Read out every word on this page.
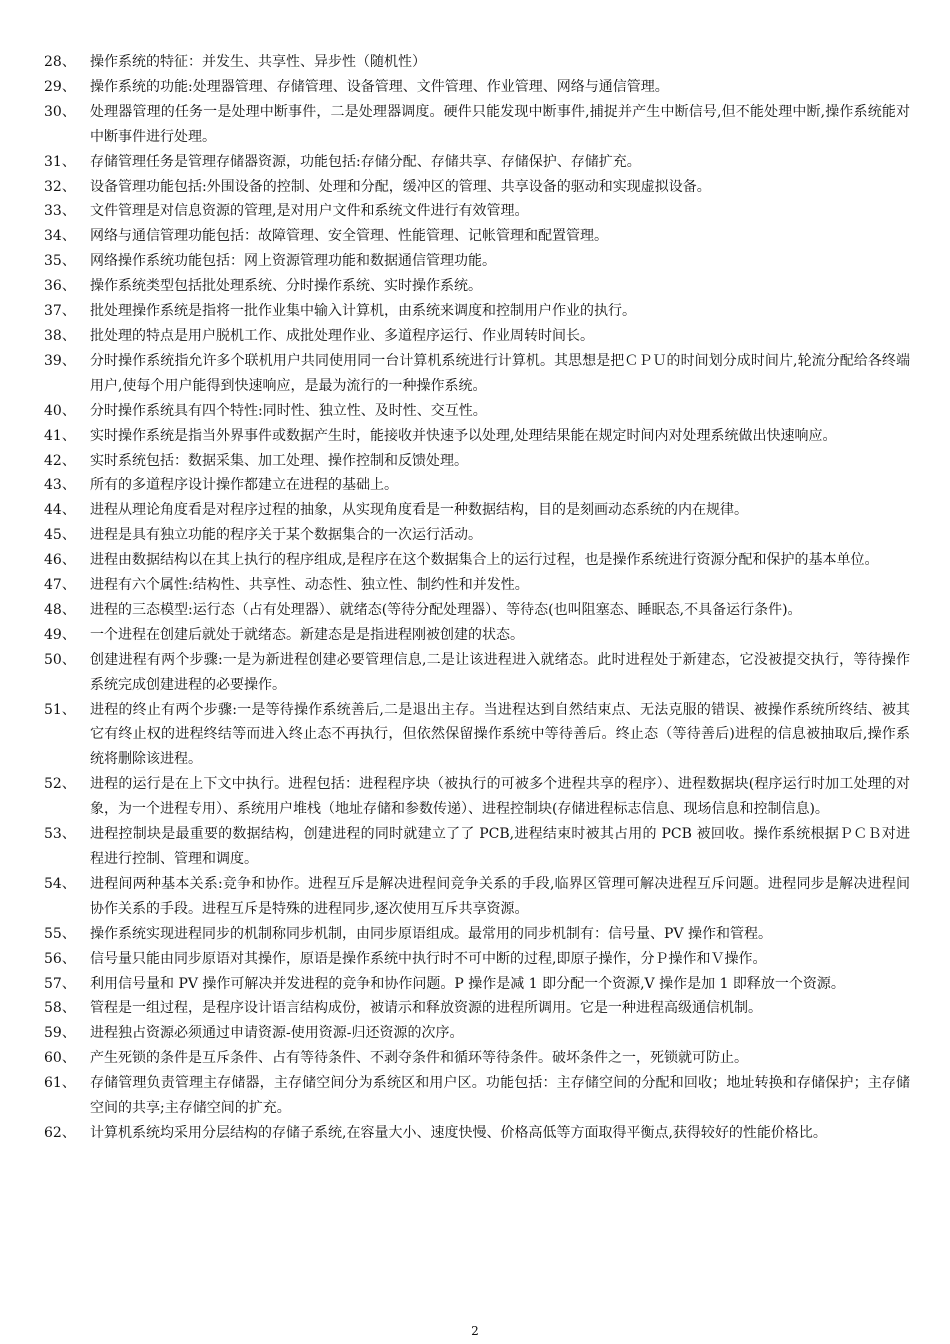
28、	操作系统的特征：并发生、共享性、异步性（随机性）
29、	操作系统的功能:处理器管理、存储管理、设备管理、文件管理、作业管理、网络与通信管理。
30、	处理器管理的任务一是处理中断事件，二是处理器调度。硬件只能发现中断事件,捕捉并产生中断信号,但不能处理中断,操作系统能对中断事件进行处理。
31、	存储管理任务是管理存储器资源，功能包括:存储分配、存储共享、存储保护、存储扩充。
32、	设备管理功能包括:外围设备的控制、处理和分配，缓冲区的管理、共享设备的驱动和实现虚拟设备。
33、	文件管理是对信息资源的管理,是对用户文件和系统文件进行有效管理。
34、	网络与通信管理功能包括：故障管理、安全管理、性能管理、记帐管理和配置管理。
35、	网络操作系统功能包括：网上资源管理功能和数据通信管理功能。
36、	操作系统类型包括批处理系统、分时操作系统、实时操作系统。
37、	批处理操作系统是指将一批作业集中输入计算机，由系统来调度和控制用户作业的执行。
38、	批处理的特点是用户脱机工作、成批处理作业、多道程序运行、作业周转时间长。
39、	分时操作系统指允许多个联机用户共同使用同一台计算机系统进行计算机。其思想是把ＣＰＵ的时间划分成时间片,轮流分配给各终端用户,使每个用户能得到快速响应，是最为流行的一种操作系统。
40、	分时操作系统具有四个特性:同时性、独立性、及时性、交互性。
41、	实时操作系统是指当外界事件或数据产生时，能接收并快速予以处理,处理结果能在规定时间内对处理系统做出快速响应。
42、	实时系统包括：数据采集、加工处理、操作控制和反馈处理。
43、	所有的多道程序设计操作都建立在进程的基础上。
44、	进程从理论角度看是对程序过程的抽象，从实现角度看是一种数据结构，目的是刻画动态系统的内在规律。
45、	进程是具有独立功能的程序关于某个数据集合的一次运行活动。
46、	进程由数据结构以在其上执行的程序组成,是程序在这个数据集合上的运行过程，也是操作系统进行资源分配和保护的基本单位。
47、	进程有六个属性:结构性、共享性、动态性、独立性、制约性和并发性。
48、	进程的三态模型:运行态（占有处理器）、就绪态(等待分配处理器）、等待态(也叫阻塞态、睡眠态,不具备运行条件)。
49、	一个进程在创建后就处于就绪态。新建态是是指进程刚被创建的状态。
50、	创建进程有两个步骤:一是为新进程创建必要管理信息,二是让该进程进入就绪态。此时进程处于新建态，它没被提交执行，等待操作系统完成创建进程的必要操作。
51、	进程的终止有两个步骤:一是等待操作系统善后,二是退出主存。当进程达到自然结束点、无法克服的错误、被操作系统所终结、被其它有终止权的进程终结等而进入终止态不再执行，但依然保留操作系统中等待善后。终止态（等待善后)进程的信息被抽取后,操作系统将删除该进程。
52、	进程的运行是在上下文中执行。进程包括：进程程序块（被执行的可被多个进程共享的程序）、进程数据块(程序运行时加工处理的对象，为一个进程专用）、系统用户堆栈（地址存储和参数传递）、进程控制块(存储进程标志信息、现场信息和控制信息)。
53、	进程控制块是最重要的数据结构，创建进程的同时就建立了了 PCB,进程结束时被其占用的 PCB 被回收。操作系统根据ＰＣＢ对进程进行控制、管理和调度。
54、	进程间两种基本关系:竞争和协作。进程互斥是解决进程间竞争关系的手段,临界区管理可解决进程互斥问题。进程同步是解决进程间协作关系的手段。进程互斥是特殊的进程同步,逐次使用互斥共享资源。
55、	操作系统实现进程同步的机制称同步机制，由同步原语组成。最常用的同步机制有：信号量、PV 操作和管程。
56、	信号量只能由同步原语对其操作，原语是操作系统中执行时不可中断的过程,即原子操作，分Ｐ操作和Ｖ操作。
57、	利用信号量和 PV 操作可解决并发进程的竞争和协作问题。P 操作是减 1 即分配一个资源,V 操作是加 1 即释放一个资源。
58、	管程是一组过程，是程序设计语言结构成份，被请示和释放资源的进程所调用。它是一种进程高级通信机制。
59、	进程独占资源必须通过申请资源-使用资源-归还资源的次序。
60、	产生死锁的条件是互斥条件、占有等待条件、不剥夺条件和循环等待条件。破坏条件之一，死锁就可防止。
61、	存储管理负责管理主存储器，主存储空间分为系统区和用户区。功能包括：主存储空间的分配和回收；地址转换和存储保护；主存储空间的共享;主存储空间的扩充。
62、	计算机系统均采用分层结构的存储子系统,在容量大小、速度快慢、价格高低等方面取得平衡点,获得较好的性能价格比。
2
